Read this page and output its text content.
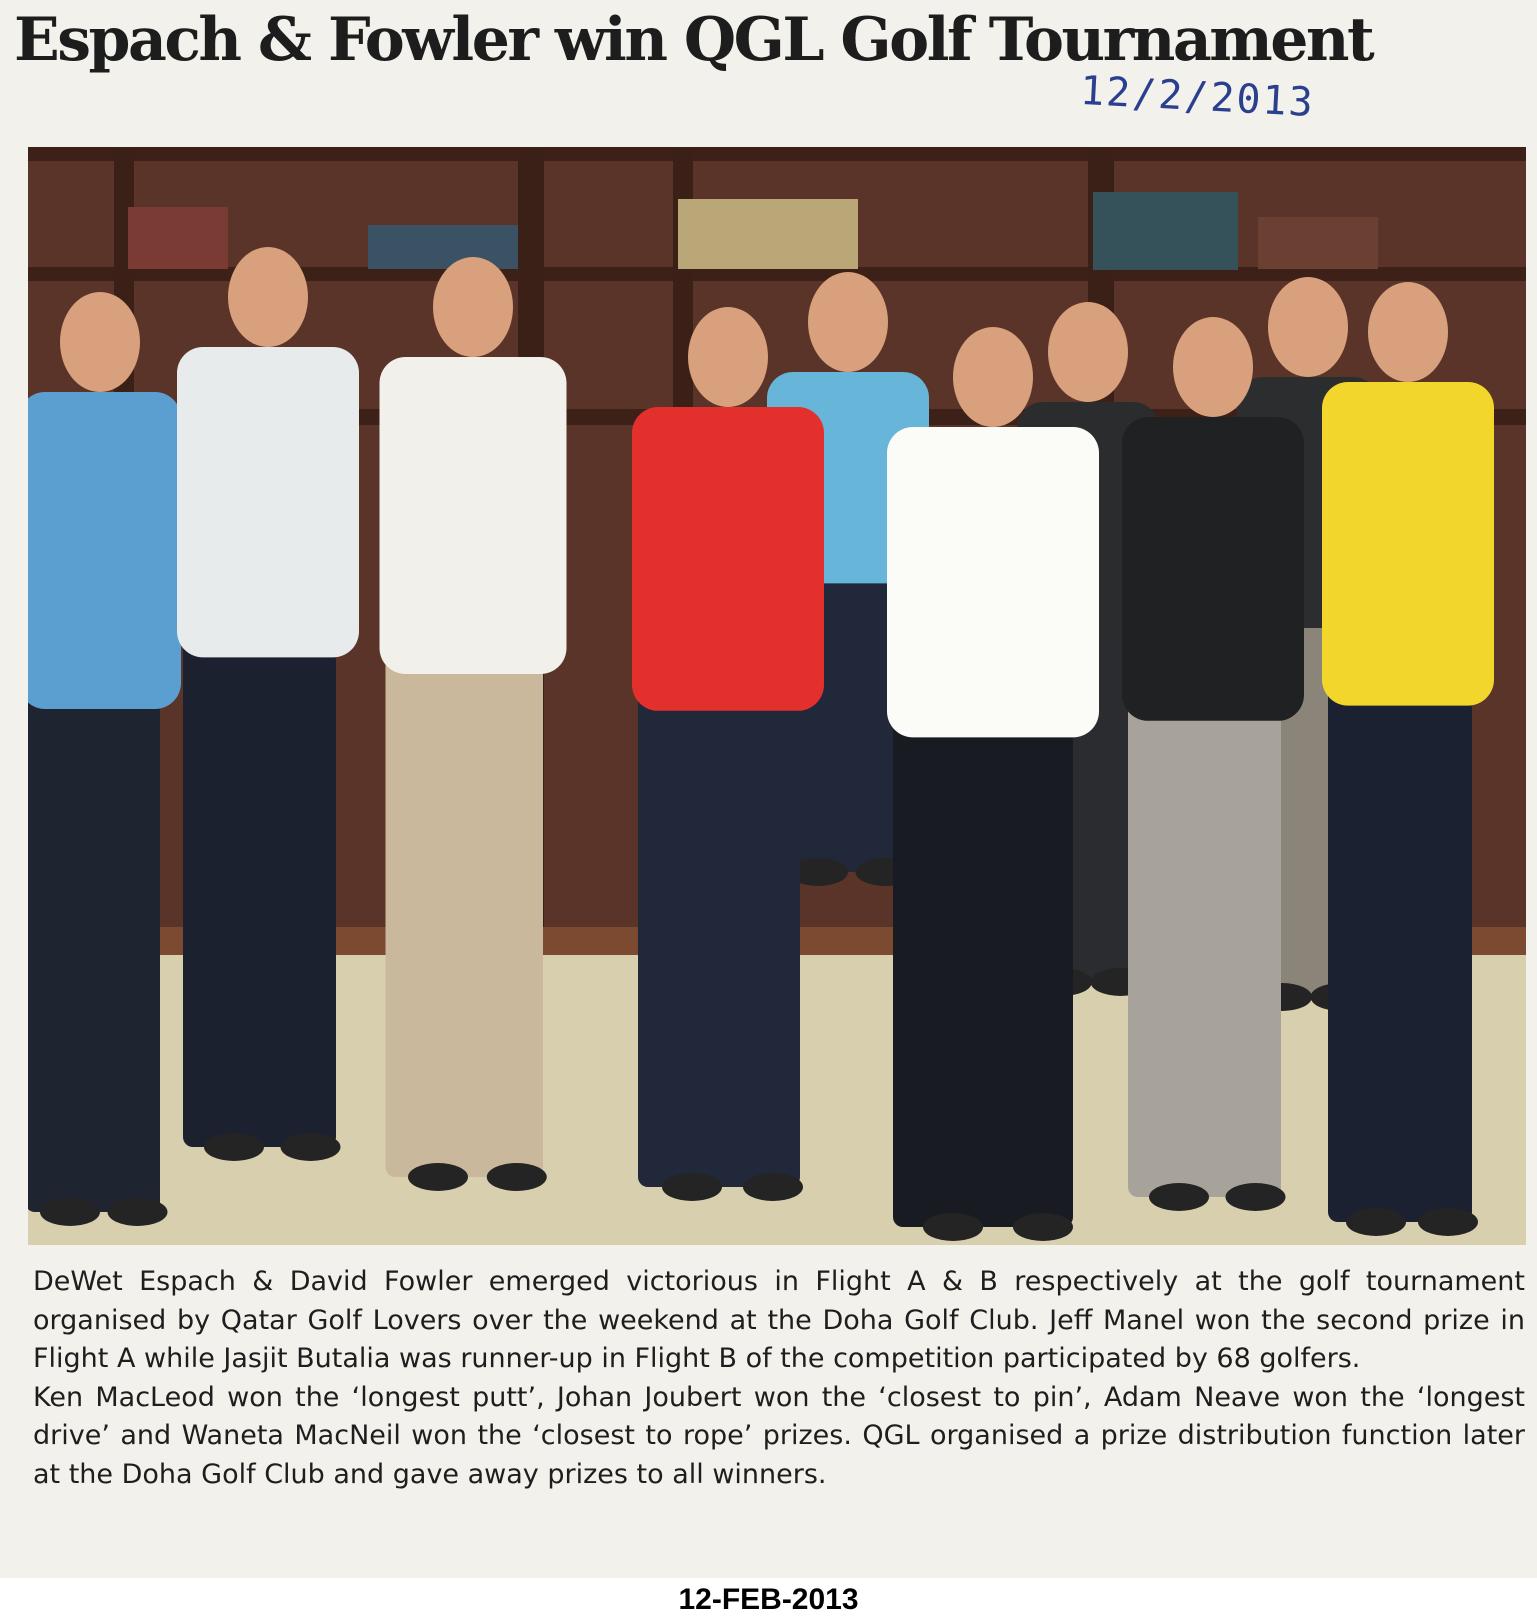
Espach & Fowler win QGL Golf Tournament
12/2/2013

DeWet Espach & David Fowler emerged victorious in Flight A & B respectively at the golf tournament organised by Qatar Golf Lovers over the weekend at the Doha Golf Club. Jeff Manel won the second prize in Flight A while Jasjit Butalia was runner-up in Flight B of the competition participated by 68 golfers.

Ken MacLeod won the ‘longest putt’, Johan Joubert won the ‘closest to pin’, Adam Neave won the ‘longest drive’ and Waneta MacNeil won the ‘closest to rope’ prizes. QGL organised a prize distribution function later at the Doha Golf Club and gave away prizes to all winners.

12-FEB-2013
